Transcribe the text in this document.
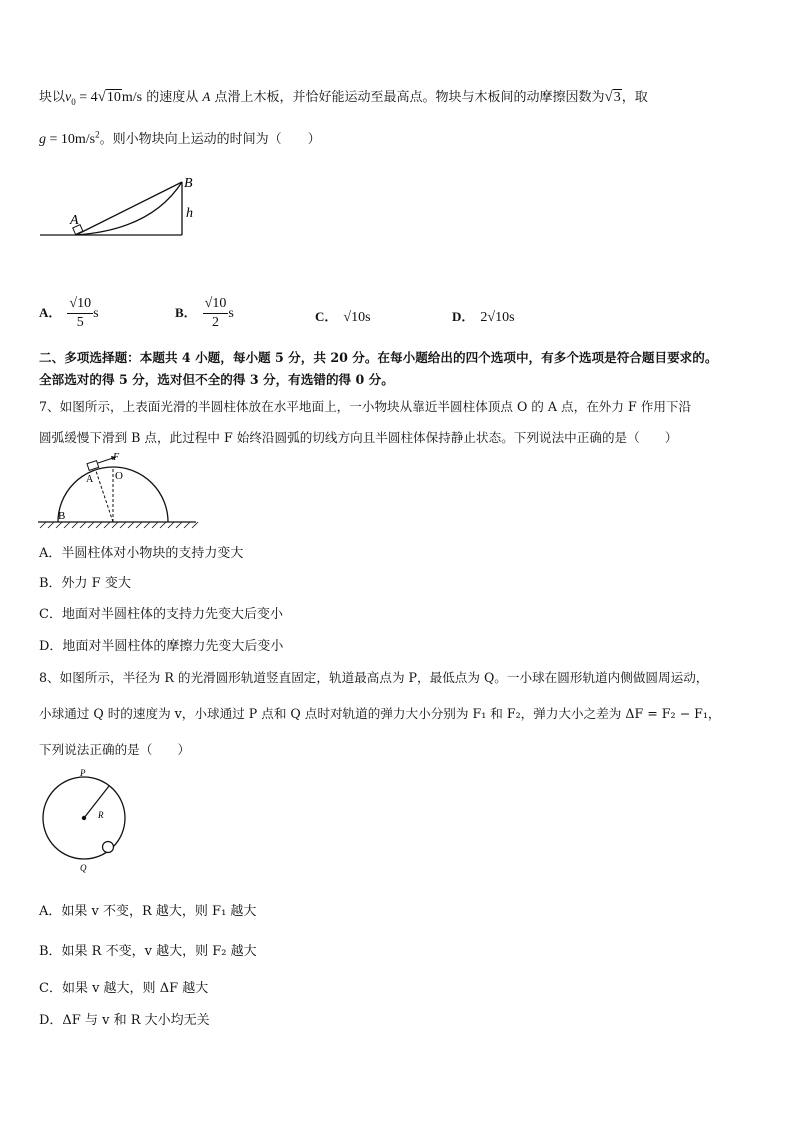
块以$v_0 = 4√10m/s$ 的速度从 A 点滑上木板，并恰好能运动至最高点。物块与木板间的动摩擦因数为√3，取
$g = 10m/s^2$。则小物块向上运动的时间为（　　）
A
B
h
A． $\frac{√10}{5}$ s	B． $\frac{√10}{2}$ s	C． √10s	D． 2√10s
二、多项选择题：本题共 4 小题，每小题 5 分，共 20 分。在每小题给出的四个选项中，有多个选项是符合题目要求的。
全部选对的得 5 分，选对但不全的得 3 分，有选错的得 0 分。
7、如图所示，上表面光滑的半圆柱体放在水平地面上，一小物块从靠近半圆柱体顶点 O 的 A 点，在外力 F 作用下沿
圆弧缓慢下滑到 B 点，此过程中 F 始终沿圆弧的切线方向且半圆柱体保持静止状态。下列说法中正确的是（　　）
F
A O
B
A．半圆柱体对小物块的支持力变大
B．外力 F 变大
C．地面对半圆柱体的支持力先变大后变小
D．地面对半圆柱体的摩擦力先变大后变小
8、如图所示，半径为 R 的光滑圆形轨道竖直固定，轨道最高点为 P，最低点为 Q。一小球在圆形轨道内侧做圆周运动，
小球通过 Q 时的速度为 v，小球通过 P 点和 Q 点时对轨道的弹力大小分别为 F₁ 和 F₂，弹力大小之差为 ΔF = F₂ − F₁，
下列说法正确的是（　　）
P
R
Q
A．如果 v 不变，R 越大，则 F₁ 越大
B．如果 R 不变，v 越大，则 F₂ 越大
C．如果 v 越大，则 ΔF 越大
D．ΔF 与 v 和 R 大小均无关
